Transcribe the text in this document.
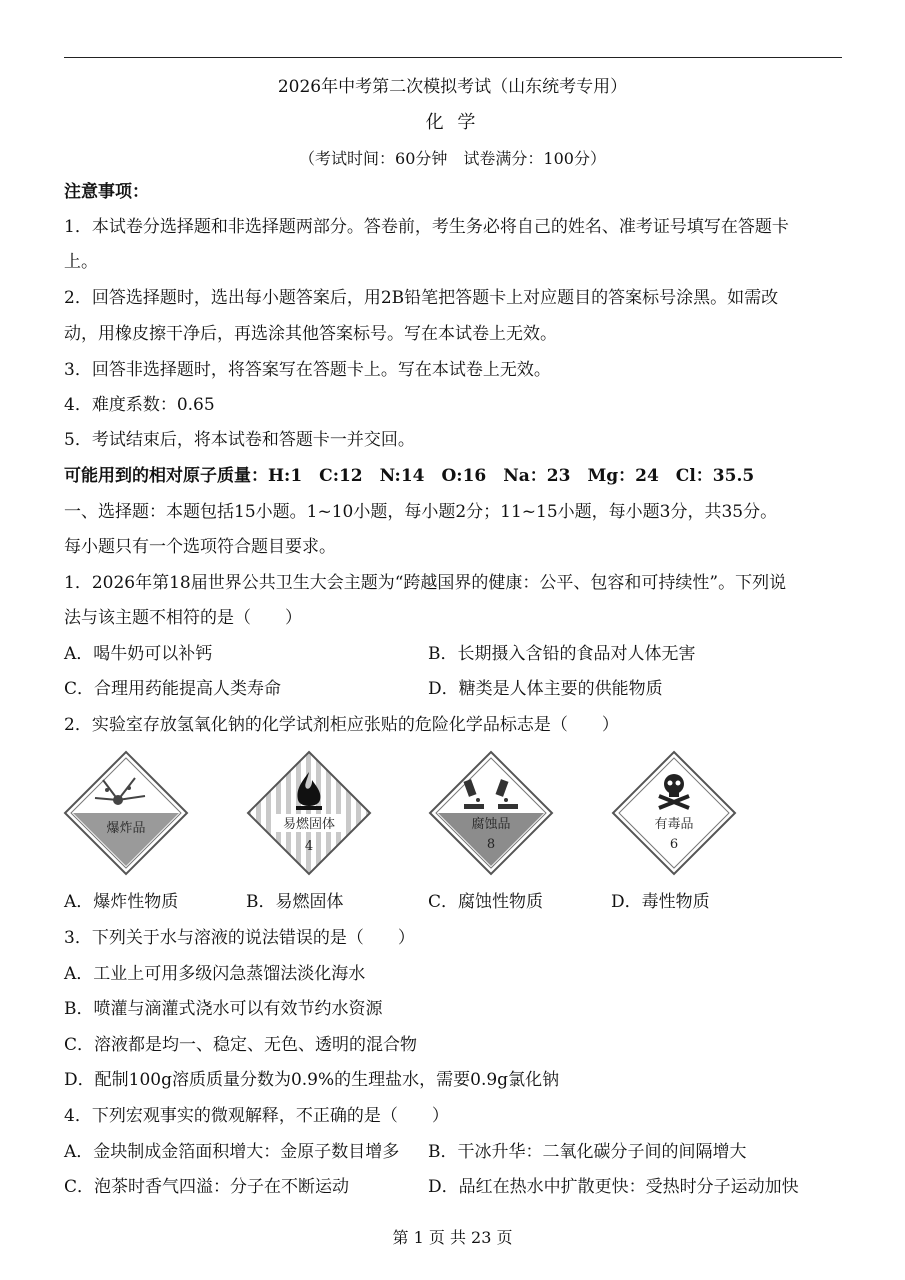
2026年中考第二次模拟考试（山东统考专用）
化 学
（考试时间：60分钟　试卷满分：100分）
注意事项：
1．本试卷分选择题和非选择题两部分。答卷前，考生务必将自己的姓名、准考证号填写在答题卡
上。
2．回答选择题时，选出每小题答案后，用2B铅笔把答题卡上对应题目的答案标号涂黑。如需改
动，用橡皮擦干净后，再选涂其他答案标号。写在本试卷上无效。
3．回答非选择题时，将答案写在答题卡上。写在本试卷上无效。
4．难度系数：0.65
5．考试结束后，将本试卷和答题卡一并交回。
可能用到的相对原子质量：H:1　C:12　N:14　O:16　Na：23　Mg：24　Cl：35.5
一、选择题：本题包括15小题。1~10小题，每小题2分；11~15小题，每小题3分，共35分。
每小题只有一个选项符合题目要求。
1．2026年第18届世界公共卫生大会主题为“跨越国界的健康：公平、包容和可持续性”。下列说
法与该主题不相符的是（　　）
A．喝牛奶可以补钙	B．长期摄入含铅的食品对人体无害
C．合理用药能提高人类寿命	D．糖类是人体主要的供能物质
2．实验室存放氢氧化钠的化学试剂柜应张贴的危险化学品标志是（　　）
爆炸品	易燃固体
4
腐蚀品
8
有毒品
6
A．爆炸性物质	B．易燃固体	C．腐蚀性物质	D．毒性物质
3．下列关于水与溶液的说法错误的是（　　）
A．工业上可用多级闪急蒸馏法淡化海水
B．喷灌与滴灌式浇水可以有效节约水资源
C．溶液都是均一、稳定、无色、透明的混合物
D．配制100g溶质质量分数为0.9%的生理盐水，需要0.9g氯化钠
4．下列宏观事实的微观解释，不正确的是（　　）
A．金块制成金箔面积增大：金原子数目增多 B．干冰升华：二氧化碳分子间的间隔增大
C．泡茶时香气四溢：分子在不断运动	D．品红在热水中扩散更快：受热时分子运动加快
第 1 页 共 23 页
